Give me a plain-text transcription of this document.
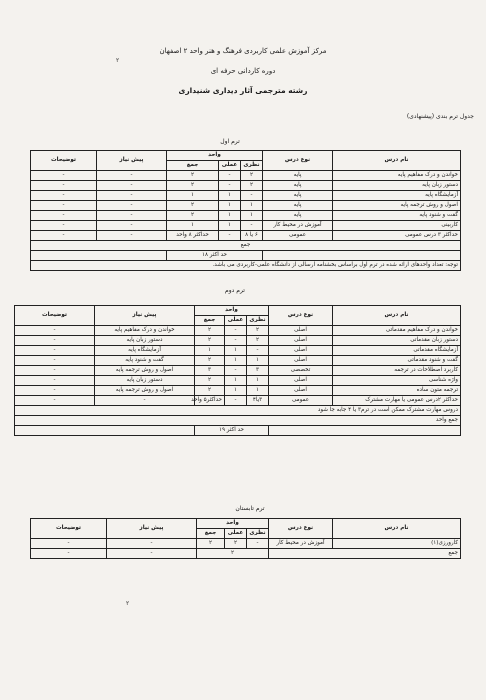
۲
مرکز آموزش علمی کاربردی فرهنگ و هنر واحد ۲ اصفهان
دوره کاردانی حرفه ای
رشته مترجمی آثار دیداری شنیداری
جدول ترم بندی (پیشنهادی)
ترم اول
نام درس	نوع درس	واحد			پیش نیاز	توضیحات
		نظری	عملی	جمع		
خواندن و درک مفاهیم پایه	پایه	۲	-	۲	-	-
دستور زبان پایه	پایه	۲	-	۲	-	-
آزمایشگاه پایه	پایه	-	۱	۱	-	-
اصول و روش ترجمه پایه	پایه	۱	۱	۲	-	-
گفت و شنود پایه	پایه	۱	۱	۲	-	-
کاربینی	آموزش در محیط کار	-	۱	۱	-	-
حداکثر ۳ درس عمومی	عمومی	۶ یا ۸	-	حداکثر ۸ واحد	-	-
جمع						
		حد اکثر ۱۸				
توجه: تعداد واحدهای ارائه شده در ترم اول براساس بخشنامه ارسالی از دانشگاه علمی-کاربردی می باشد.						
ترم دوم
نام درس	نوع درس	واحد			پیش نیاز	توضیحات
		نظری	عملی	جمع		
خواندن و درک مفاهیم مقدماتی	اصلی	۲	-	۲	خواندن و درک مفاهیم پایه	-
دستور زبان مقدماتی	اصلی	۲	-	۲	دستور زبان پایه	-
آزمایشگاه مقدماتی	اصلی	-	۱	۱	آزمایشگاه پایه	-
گفت و شنود مقدماتی	اصلی	۱	۱	۲	گفت و شنود پایه	-
کاربرد اصطلاحات در ترجمه	تخصصی	۳	-	۳	اصول و روش ترجمه پایه	-
واژه شناسی	اصلی	۱	۱	۲	دستور زبان پایه	-
ترجمه متون ساده	اصلی	۱	۱	۲	اصول و روش ترجمه پایه	-
حداکثر ۲درس عمومی یا مهارت مشترک	عمومی	۳یا۴	-	حداکثر۵ واحد	-	-
دروس مهارت مشترک ممکن است در ترم۳ یا ۴ جابه جا شود						
جمع واحد						
		حد اکثر ۱۹				
ترم تابستان
نام درس	نوع درس	واحد			پیش نیاز	توضیحات
		نظری	عملی	جمع		
کارورزی(۱)	آموزش در محیط کار	-	۲	۲	-	-
جمع		۲			-	-
۲
